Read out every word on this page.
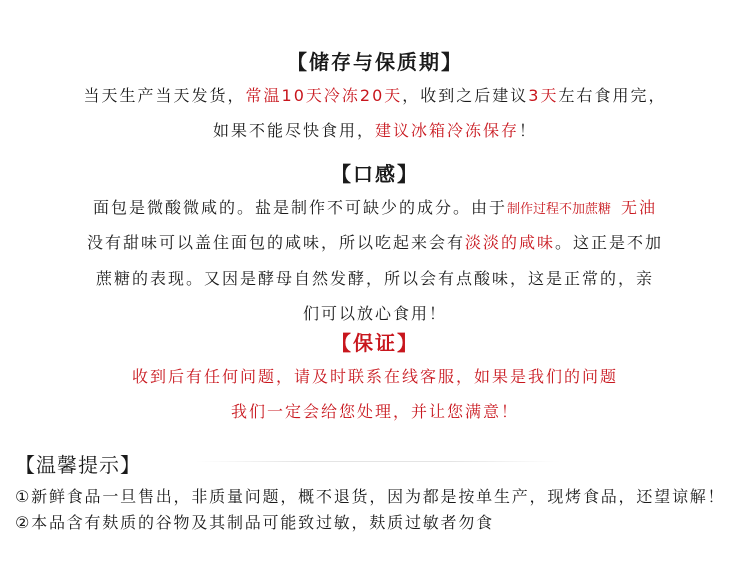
【储存与保质期】
当天生产当天发货，常温10天冷冻20天，收到之后建议3天左右食用完，
如果不能尽快食用，建议冰箱冷冻保存！
【口感】
面包是微酸微咸的。盐是制作不可缺少的成分。由于制作过程不加蔗糖 无油
没有甜味可以盖住面包的咸味，所以吃起来会有淡淡的咸味。这正是不加
蔗糖的表现。又因是酵母自然发酵，所以会有点酸味，这是正常的，亲
们可以放心食用！
【保证】
收到后有任何问题，请及时联系在线客服，如果是我们的问题
我们一定会给您处理，并让您满意！
【温馨提示】
①新鲜食品一旦售出，非质量问题，概不退货，因为都是按单生产，现烤食品，还望谅解！
②本品含有麸质的谷物及其制品可能致过敏，麸质过敏者勿食
